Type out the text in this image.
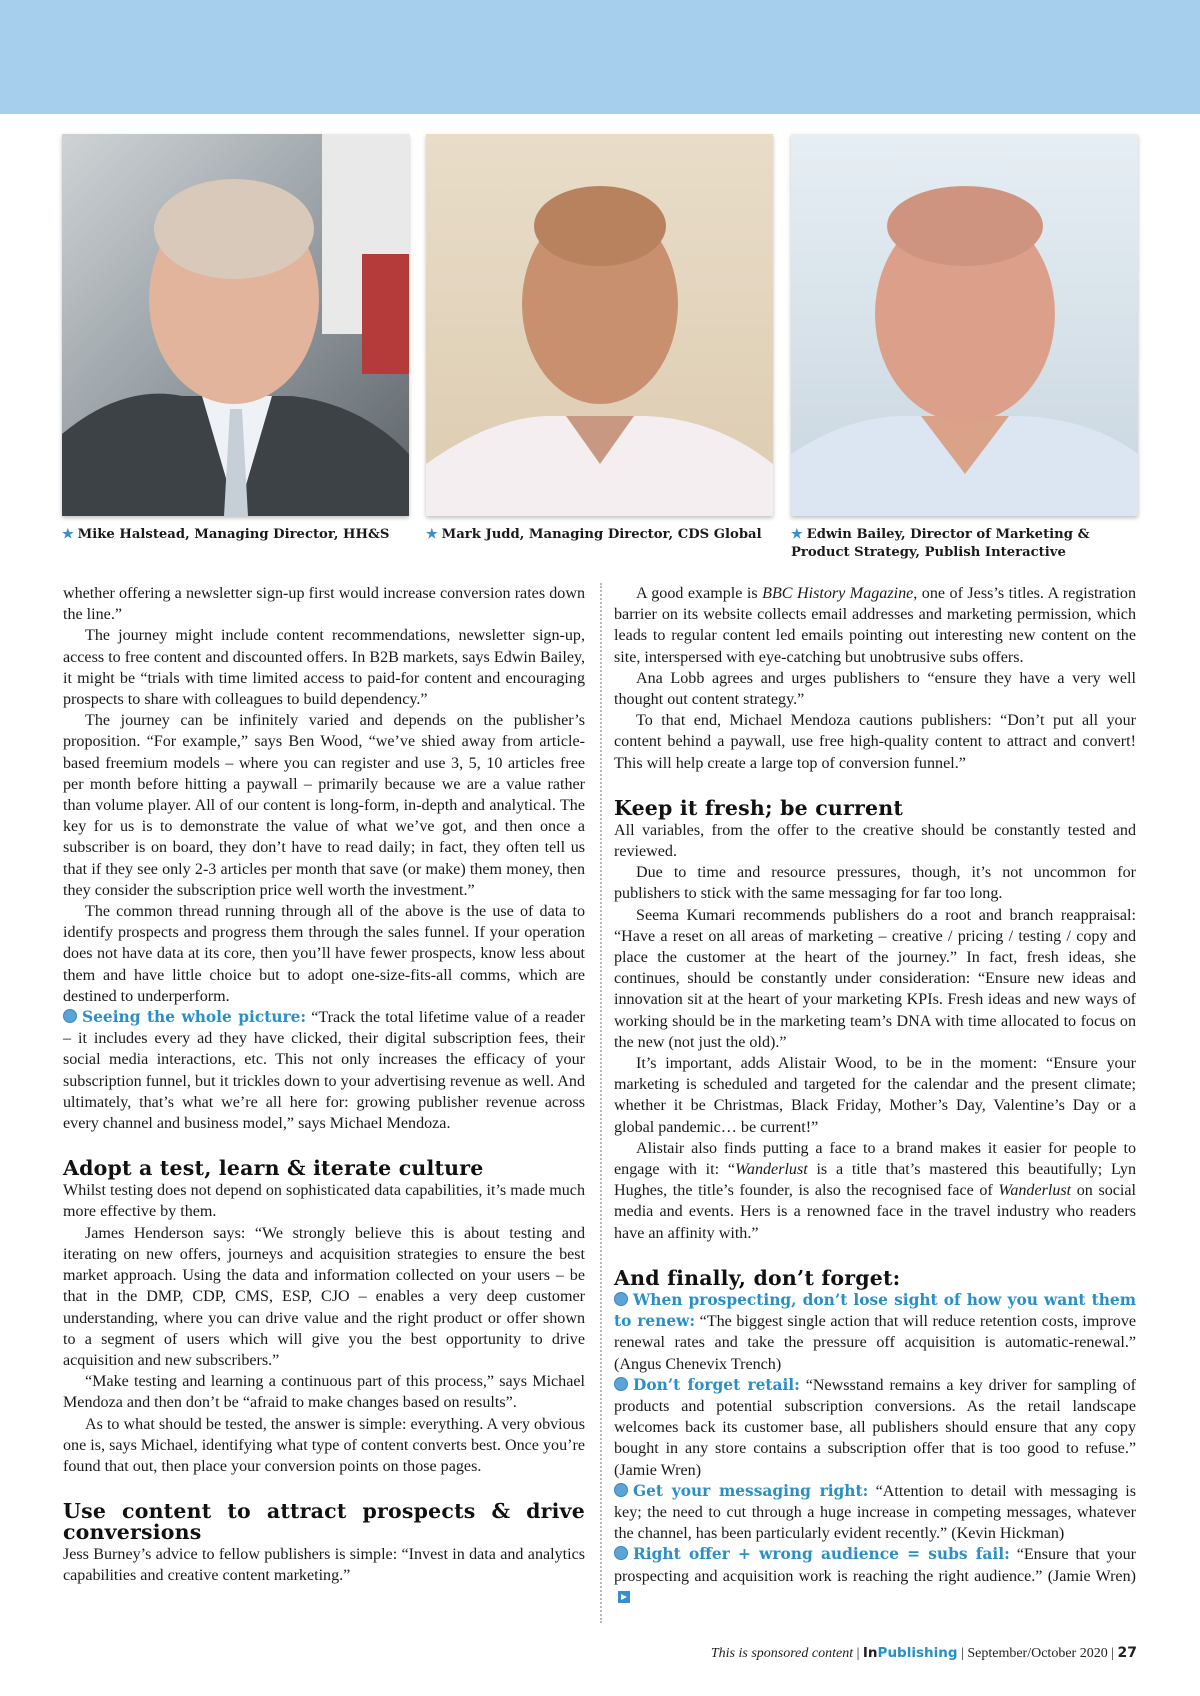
★ Mike Halstead, Managing Director, HH&S	★ Mark Judd, Managing Director, CDS Global	★ Edwin Bailey, Director of Marketing & Product Strategy, Publish Interactive

whether offering a newsletter sign-up first would increase conversion rates down the line.”

The journey might include content recommendations, newsletter sign-up, access to free content and discounted offers. In B2B markets, says Edwin Bailey, it might be “trials with time limited access to paid-for content and encouraging prospects to share with colleagues to build dependency.”

The journey can be infinitely varied and depends on the publisher’s proposition. “For example,” says Ben Wood, “we’ve shied away from article-based freemium models – where you can register and use 3, 5, 10 articles free per month before hitting a paywall – primarily because we are a value rather than volume player. All of our content is long-form, in-depth and analytical. The key for us is to demonstrate the value of what we’ve got, and then once a subscriber is on board, they don’t have to read daily; in fact, they often tell us that if they see only 2-3 articles per month that save (or make) them money, then they consider the subscription price well worth the investment.”

The common thread running through all of the above is the use of data to identify prospects and progress them through the sales funnel. If your operation does not have data at its core, then you’ll have fewer prospects, know less about them and have little choice but to adopt one-size-fits-all comms, which are destined to underperform.

Seeing the whole picture: “Track the total lifetime value of a reader – it includes every ad they have clicked, their digital subscription fees, their social media interactions, etc. This not only increases the efficacy of your subscription funnel, but it trickles down to your advertising revenue as well. And ultimately, that’s what we’re all here for: growing publisher revenue across every channel and business model,” says Michael Mendoza.

Adopt a test, learn & iterate culture

Whilst testing does not depend on sophisticated data capabilities, it’s made much more effective by them.

James Henderson says: “We strongly believe this is about testing and iterating on new offers, journeys and acquisition strategies to ensure the best market approach. Using the data and information collected on your users – be that in the DMP, CDP, CMS, ESP, CJO – enables a very deep customer understanding, where you can drive value and the right product or offer shown to a segment of users which will give you the best opportunity to drive acquisition and new subscribers.”

“Make testing and learning a continuous part of this process,” says Michael Mendoza and then don’t be “afraid to make changes based on results”.

As to what should be tested, the answer is simple: everything. A very obvious one is, says Michael, identifying what type of content converts best. Once you’re found that out, then place your conversion points on those pages.

Use content to attract prospects & drive conversions

Jess Burney’s advice to fellow publishers is simple: “Invest in data and analytics capabilities and creative content marketing.”

A good example is BBC History Magazine, one of Jess’s titles. A registration barrier on its website collects email addresses and marketing permission, which leads to regular content led emails pointing out interesting new content on the site, interspersed with eye-catching but unobtrusive subs offers.

Ana Lobb agrees and urges publishers to “ensure they have a very well thought out content strategy.”

To that end, Michael Mendoza cautions publishers: “Don’t put all your content behind a paywall, use free high-quality content to attract and convert! This will help create a large top of conversion funnel.”

Keep it fresh; be current

All variables, from the offer to the creative should be constantly tested and reviewed.

Due to time and resource pressures, though, it’s not uncommon for publishers to stick with the same messaging for far too long.

Seema Kumari recommends publishers do a root and branch reappraisal: “Have a reset on all areas of marketing – creative / pricing / testing / copy and place the customer at the heart of the journey.” In fact, fresh ideas, she continues, should be constantly under consideration: “Ensure new ideas and innovation sit at the heart of your marketing KPIs. Fresh ideas and new ways of working should be in the marketing team’s DNA with time allocated to focus on the new (not just the old).”

It’s important, adds Alistair Wood, to be in the moment: “Ensure your marketing is scheduled and targeted for the calendar and the present climate; whether it be Christmas, Black Friday, Mother’s Day, Valentine’s Day or a global pandemic… be current!”

Alistair also finds putting a face to a brand makes it easier for people to engage with it: “Wanderlust is a title that’s mastered this beautifully; Lyn Hughes, the title’s founder, is also the recognised face of Wanderlust on social media and events. Hers is a renowned face in the travel industry who readers have an affinity with.”

And finally, don’t forget:

When prospecting, don’t lose sight of how you want them to renew: “The biggest single action that will reduce retention costs, improve renewal rates and take the pressure off acquisition is automatic-renewal.” (Angus Chenevix Trench)

Don’t forget retail: “Newsstand remains a key driver for sampling of products and potential subscription conversions. As the retail landscape welcomes back its customer base, all publishers should ensure that any copy bought in any store contains a subscription offer that is too good to refuse.” (Jamie Wren)

Get your messaging right: “Attention to detail with messaging is key; the need to cut through a huge increase in competing messages, whatever the channel, has been particularly evident recently.” (Kevin Hickman)

Right offer + wrong audience = subs fail: “Ensure that your prospecting and acquisition work is reaching the right audience.” (Jamie Wren)

This is sponsored content | InPublishing | September/October 2020 | 27
